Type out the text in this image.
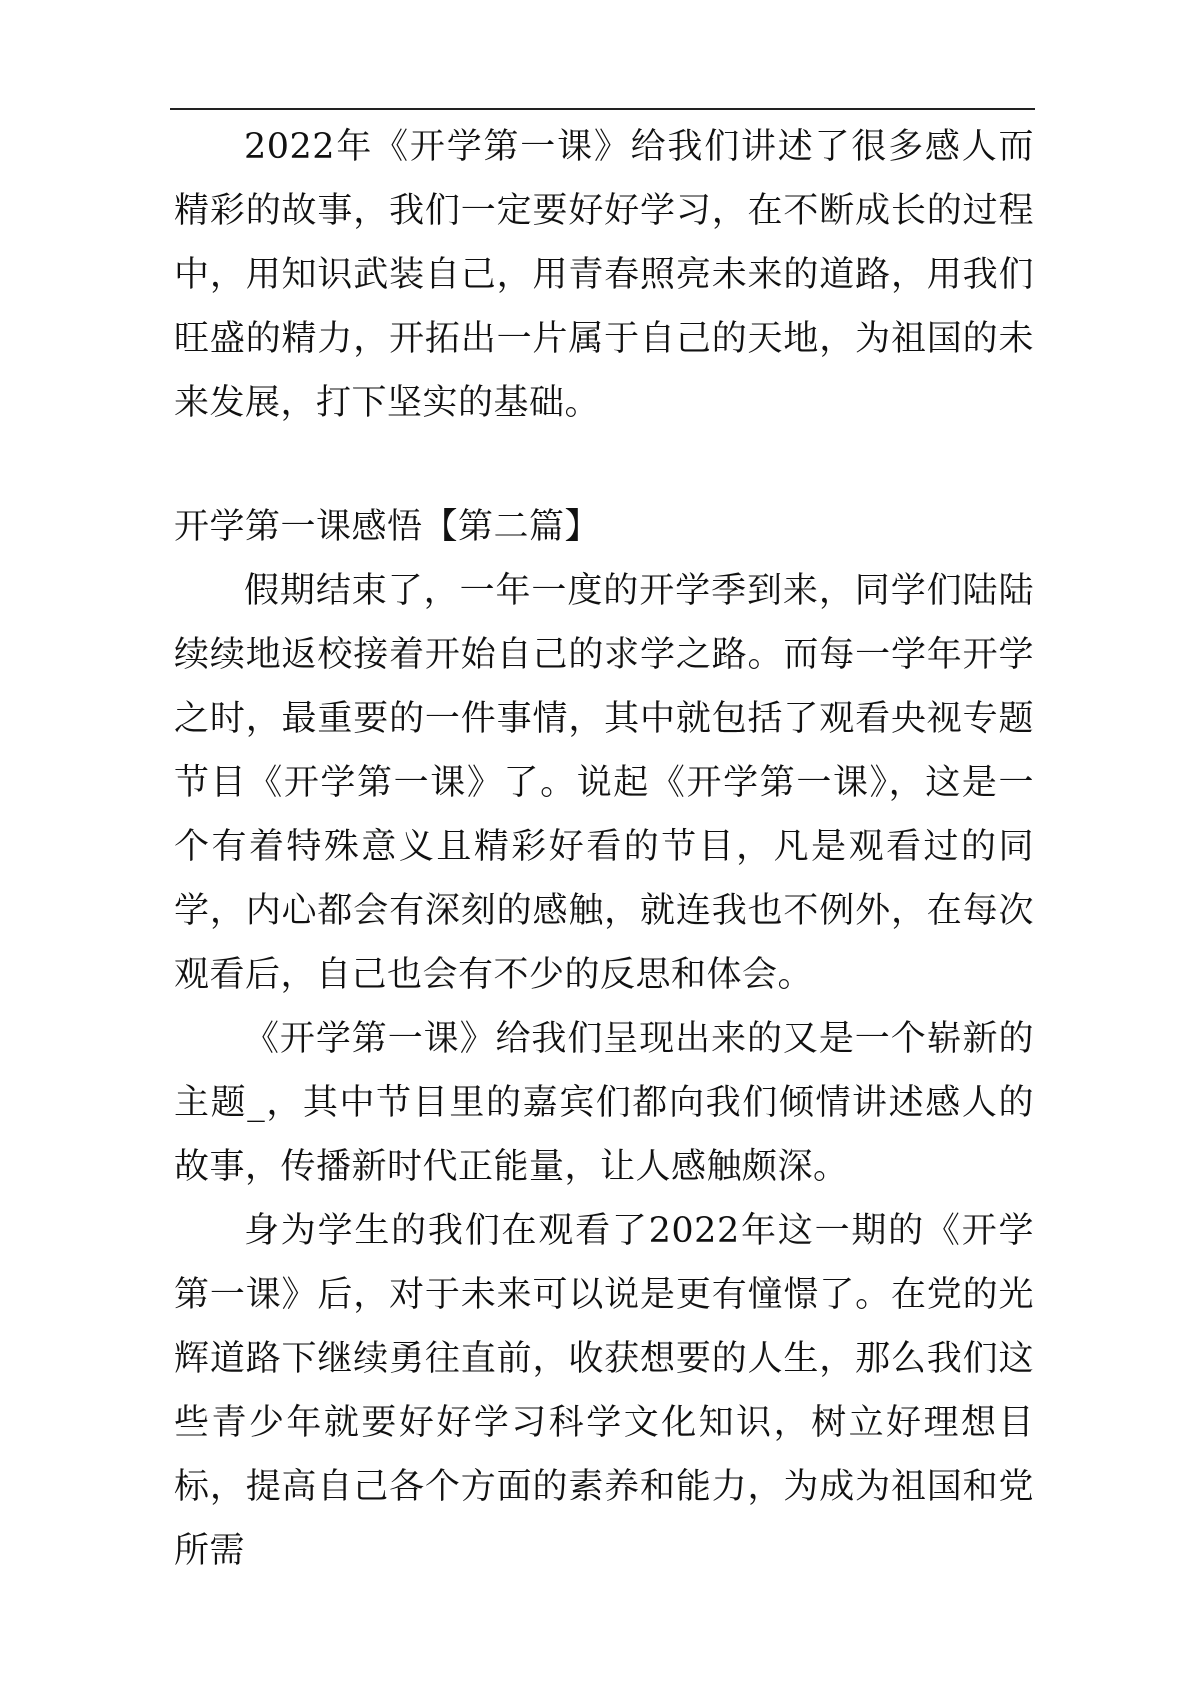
2022年《开学第一课》给我们讲述了很多感人而精彩的故事，我们一定要好好学习，在不断成长的过程中，用知识武装自己，用青春照亮未来的道路，用我们旺盛的精力，开拓出一片属于自己的天地，为祖国的未来发展，打下坚实的基础。

开学第一课感悟【第二篇】

假期结束了，一年一度的开学季到来，同学们陆陆续续地返校接着开始自己的求学之路。而每一学年开学之时，最重要的一件事情，其中就包括了观看央视专题节目《开学第一课》了。说起《开学第一课》，这是一个有着特殊意义且精彩好看的节目，凡是观看过的同学，内心都会有深刻的感触，就连我也不例外，在每次观看后，自己也会有不少的反思和体会。

《开学第一课》给我们呈现出来的又是一个崭新的主题_，其中节目里的嘉宾们都向我们倾情讲述感人的故事，传播新时代正能量，让人感触颇深。

身为学生的我们在观看了2022年这一期的《开学第一课》后，对于未来可以说是更有憧憬了。在党的光辉道路下继续勇往直前，收获想要的人生，那么我们这些青少年就要好好学习科学文化知识，树立好理想目标，提高自己各个方面的素养和能力，为成为祖国和党所需
